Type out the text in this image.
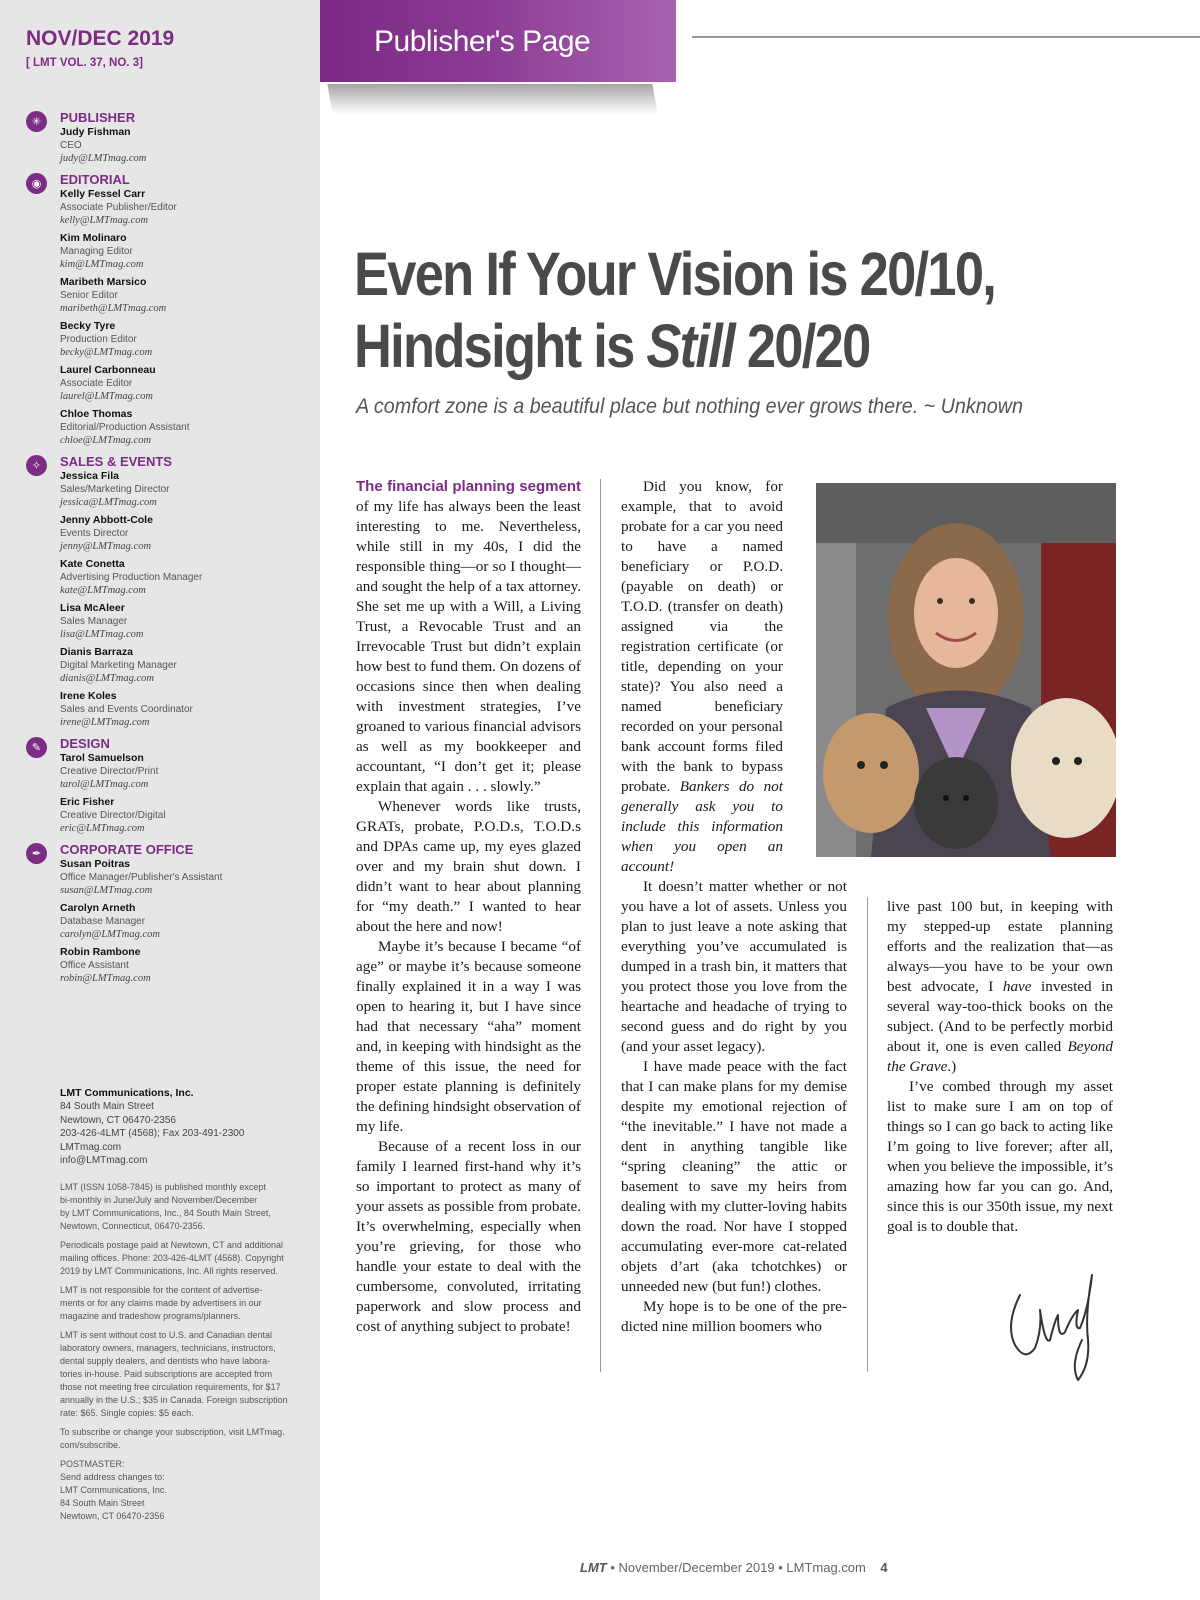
NOV/DEC 2019
[ LMT VOL. 37, NO. 3]
✳	PUBLISHER
Judy Fishman
CEO
judy@LMTmag.com
◉	EDITORIAL
Kelly Fessel Carr
Associate Publisher/Editor
kelly@LMTmag.com
Kim Molinaro
Managing Editor
kim@LMTmag.com
Maribeth Marsico
Senior Editor
maribeth@LMTmag.com
Becky Tyre
Production Editor
becky@LMTmag.com
Laurel Carbonneau
Associate Editor
laurel@LMTmag.com
Chloe Thomas
Editorial/Production Assistant
chloe@LMTmag.com
✧	SALES & EVENTS
Jessica Fila
Sales/Marketing Director
jessica@LMTmag.com
Jenny Abbott-Cole
Events Director
jenny@LMTmag.com
Kate Conetta
Advertising Production Manager
kate@LMTmag.com
Lisa McAleer
Sales Manager
lisa@LMTmag.com
Dianis Barraza
Digital Marketing Manager
dianis@LMTmag.com
Irene Koles
Sales and Events Coordinator
irene@LMTmag.com
✎	DESIGN
Tarol Samuelson
Creative Director/Print
tarol@LMTmag.com
Eric Fisher
Creative Director/Digital
eric@LMTmag.com
✒	CORPORATE OFFICE
Susan Poitras
Office Manager/Publisher's Assistant
susan@LMTmag.com
Carolyn Arneth
Database Manager
carolyn@LMTmag.com
Robin Rambone
Office Assistant
robin@LMTmag.com
LMT Communications, Inc.
84 South Main Street
Newtown, CT 06470-2356
203-426-4LMT (4568); Fax 203-491-2300
LMTmag.com
info@LMTmag.com

LMT (ISSN 1058-7845) is published monthly except
bi-monthly in June/July and November/December
by LMT Communications, Inc., 84 South Main Street,
Newtown, Connecticut, 06470-2356.

Periodicals postage paid at Newtown, CT and additional
mailing offices. Phone: 203-426-4LMT (4568). Copyright
2019 by LMT Communications, Inc. All rights reserved.

LMT is not responsible for the content of advertise-
ments or for any claims made by advertisers in our
magazine and tradeshow programs/planners.

LMT is sent without cost to U.S. and Canadian dental
laboratory owners, managers, technicians, instructors,
dental supply dealers, and dentists who have labora-
tories in-house. Paid subscriptions are accepted from
those not meeting free circulation requirements, for $17
annually in the U.S.; $35 in Canada. Foreign subscription
rate: $65. Single copies: $5 each.

To subscribe or change your subscription, visit LMTmag.
com/subscribe.

POSTMASTER:
Send address changes to:
LMT Communications, Inc.
84 South Main Street
Newtown, CT 06470-2356

Publisher's Page
Even If Your Vision is 20/10,
Hindsight is Still 20/20
A comfort zone is a beautiful place but nothing ever grows there. ~ Unknown

The financial planning segment of my life has always been the least interesting to me. Nevertheless, while still in my 40s, I did the responsible thing—or so I thought—and sought the help of a tax attorney. She set me up with a Will, a Living Trust, a Revocable Trust and an Irrevocable Trust but didn’t explain how best to fund them. On dozens of occasions since then when dealing with investment strategies, I’ve groaned to various financial advisors as well as my bookkeeper and accountant, “I don’t get it; please explain that again . . . slowly.”

Whenever words like trusts, GRATs, probate, P.O.D.s, T.O.D.s and DPAs came up, my eyes glazed over and my brain shut down. I didn’t want to hear about planning for “my death.” I wanted to hear about the here and now!

Maybe it’s because I became “of age” or maybe it’s because someone finally explained it in a way I was open to hearing it, but I have since had that necessary “aha” moment and, in keeping with hindsight as the theme of this issue, the need for proper estate planning is definitely the defining hindsight observation of my life.

Because of a recent loss in our family I learned first-hand why it’s so important to protect as many of your assets as possible from probate. It’s overwhelming, especially when you’re grieving, for those who handle your estate to deal with the cumbersome, convoluted, irritating paperwork and slow process and cost of anything subject to probate!

Did you know, for example, that to avoid probate for a car you need to have a named beneficiary or P.O.D. (payable on death) or T.O.D. (transfer on death) assigned via the registration certificate (or title, depending on your state)? You also need a named beneficiary recorded on your personal bank account forms filed with the bank to bypass probate. Bankers do not generally ask you to include this information when you open an account!

It doesn’t matter whether or not you have a lot of assets. Unless you plan to just leave a note asking that everything you’ve accumulated is dumped in a trash bin, it matters that you protect those you love from the heartache and headache of trying to second guess and do right by you (and your asset legacy).

I have made peace with the fact that I can make plans for my demise despite my emotional rejection of “the inevitable.” I have not made a dent in anything tangible like “spring cleaning” the attic or basement to save my heirs from dealing with my clutter-loving habits down the road. Nor have I stopped accumulating ever-more cat-related objets d’art (aka tchotchkes) or unneeded new (but fun!) clothes.

My hope is to be one of the predicted nine million boomers who

live past 100 but, in keeping with my stepped-up estate planning efforts and the realization that—as always—you have to be your own best advocate, I have invested in several way-too-thick books on the subject. (And to be perfectly morbid about it, one is even called Beyond the Grave.)

I’ve combed through my asset list to make sure I am on top of things so I can go back to acting like I’m going to live forever; after all, when you believe the impossible, it’s amazing how far you can go. And, since this is our 350th issue, my next goal is to double that.

LMT • November/December 2019 • LMTmag.com 4
